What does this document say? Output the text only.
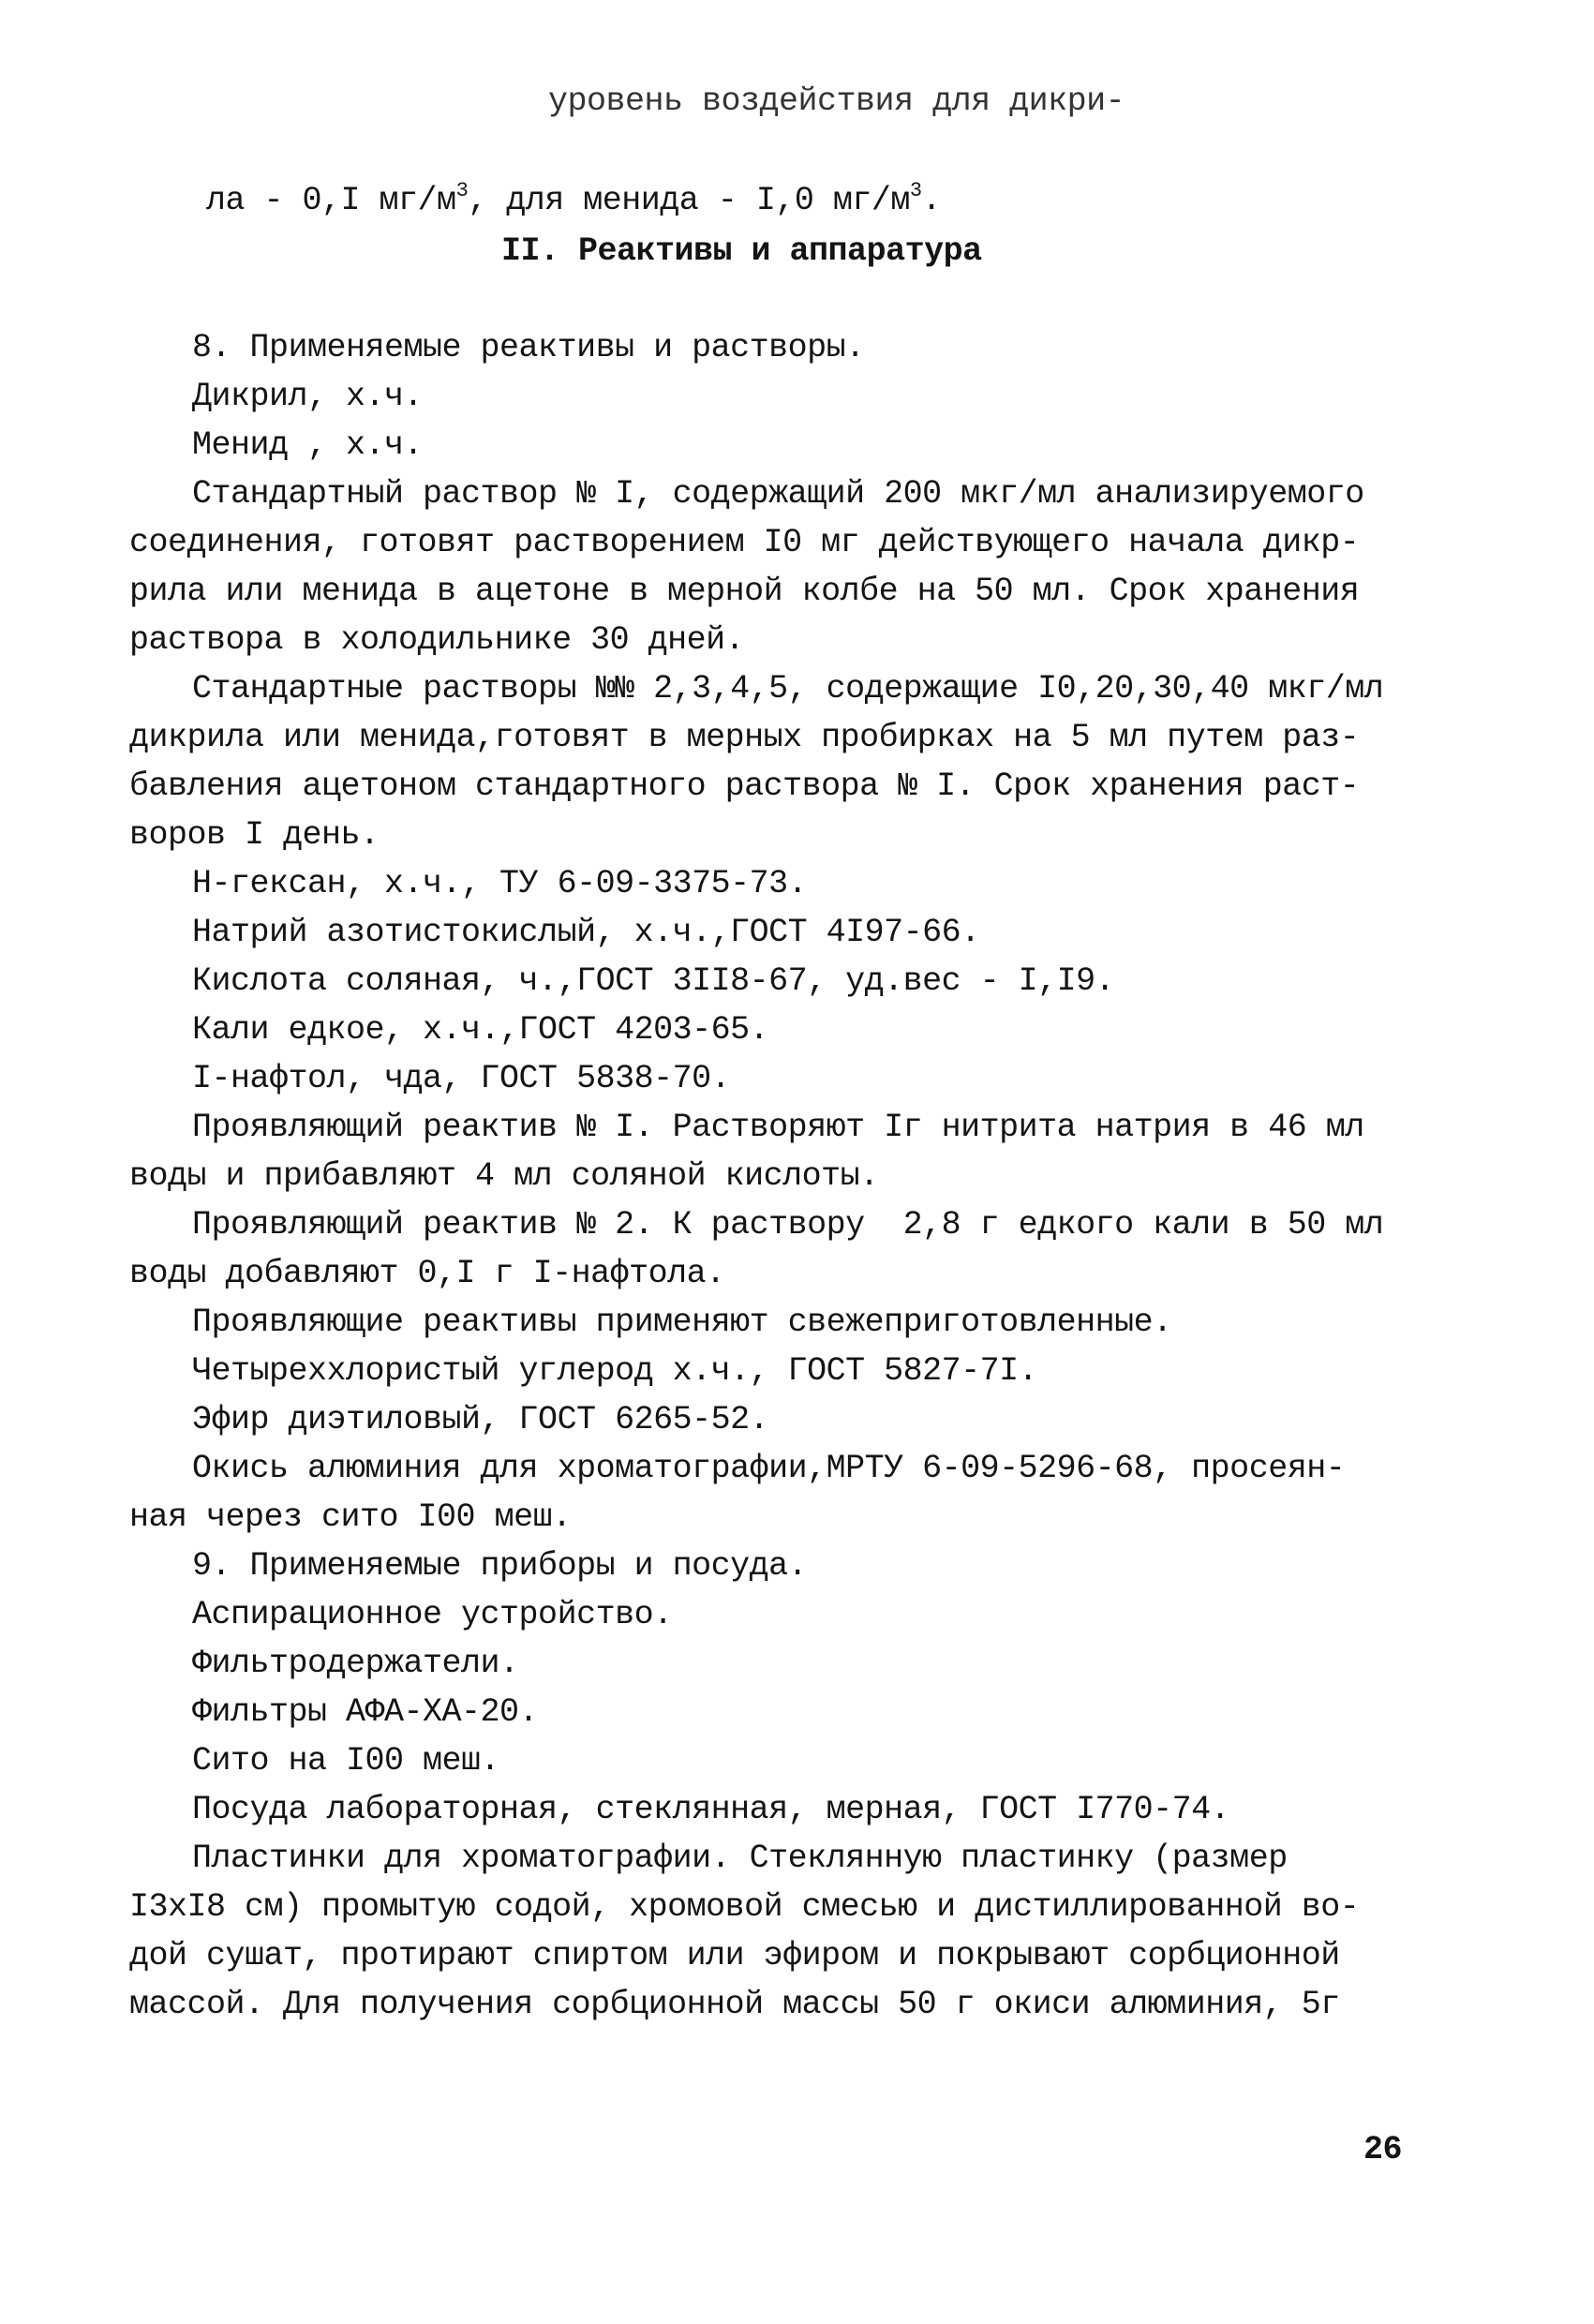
уровень воздействия для дикри-

ла - 0,I $мг/м^3$, для менида - I,0 $мг/м^3$.

II. Реактивы и аппаратура
8. Применяемые реактивы и растворы.
Дикрил, х.ч.
Менид , х.ч.
Стандартный раствор № I, содержащий 200 мкг/мл анализируемого
соединения, готовят растворением I0 мг действующего начала дикр-
рила или менида в ацетоне в мерной колбе на 50 мл. Срок хранения
раствора в холодильнике 30 дней.
Стандартные растворы №№ 2,3,4,5, содержащие I0,20,30,40 мкг/мл
дикрила или менида,готовят в мерных пробирках на 5 мл путем раз-
бавления ацетоном стандартного раствора № I. Срок хранения раст-
воров I день.
Н-гексан, х.ч., ТУ 6-09-3375-73.
Натрий азотистокислый, х.ч.,ГОСТ 4I97-66.
Кислота соляная, ч.,ГОСТ 3II8-67, уд.вес - I,I9.
Кали едкое, х.ч.,ГОСТ 4203-65.
I-нафтол, чда, ГОСТ 5838-70.
Проявляющий реактив № I. Растворяют Iг нитрита натрия в 46 мл
воды и прибавляют 4 мл соляной кислоты.
Проявляющий реактив № 2. К раствору  2,8 г едкого кали в 50 мл
воды добавляют 0,I г I-нафтола.
Проявляющие реактивы применяют свежеприготовленные.
Четыреххлористый углерод х.ч., ГОСТ 5827-7I.
Эфир диэтиловый, ГОСТ 6265-52.
Окись алюминия для хроматографии,МРТУ 6-09-5296-68, просеян-
ная через сито I00 меш.
9. Применяемые приборы и посуда.
Аспирационное устройство.
Фильтродержатели.
Фильтры АФА-ХА-20.
Сито на I00 меш.
Посуда лабораторная, стеклянная, мерная, ГОСТ I770-74.
Пластинки для хроматографии. Стеклянную пластинку (размер
I3хI8 см) промытую содой, хромовой смесью и дистиллированной во-
дой сушат, протирают спиртом или эфиром и покрывают сорбционной
массой. Для получения сорбционной массы 50 г окиси алюминия, 5г
26
